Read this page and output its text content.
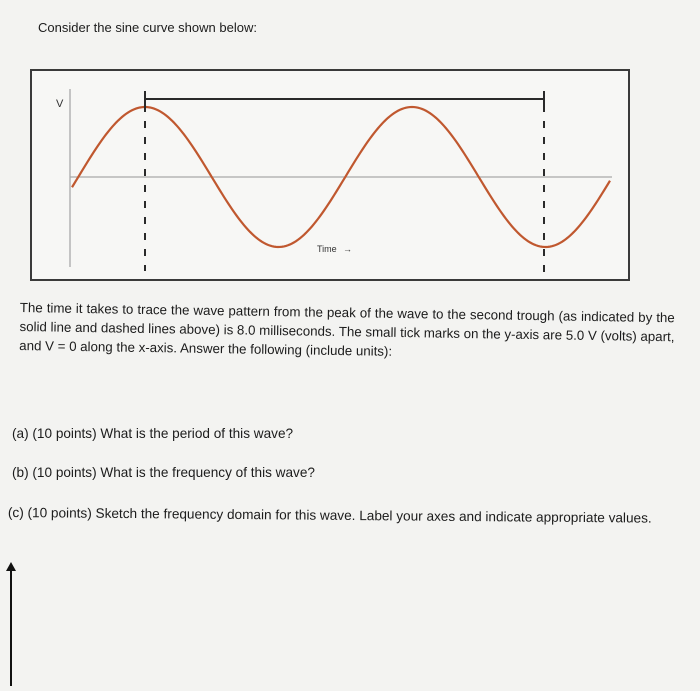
Consider the sine curve shown below:
V
Time →
The time it takes to trace the wave pattern from the peak of the wave to the second trough (as indicated by the solid line and dashed lines above) is 8.0 milliseconds. The small tick marks on the y-axis are 5.0 V (volts) apart, and V = 0 along the x-axis. Answer the following (include units):
(a) (10 points) What is the period of this wave?
(b) (10 points) What is the frequency of this wave?
(c) (10 points) Sketch the frequency domain for this wave. Label your axes and indicate appropriate values.
